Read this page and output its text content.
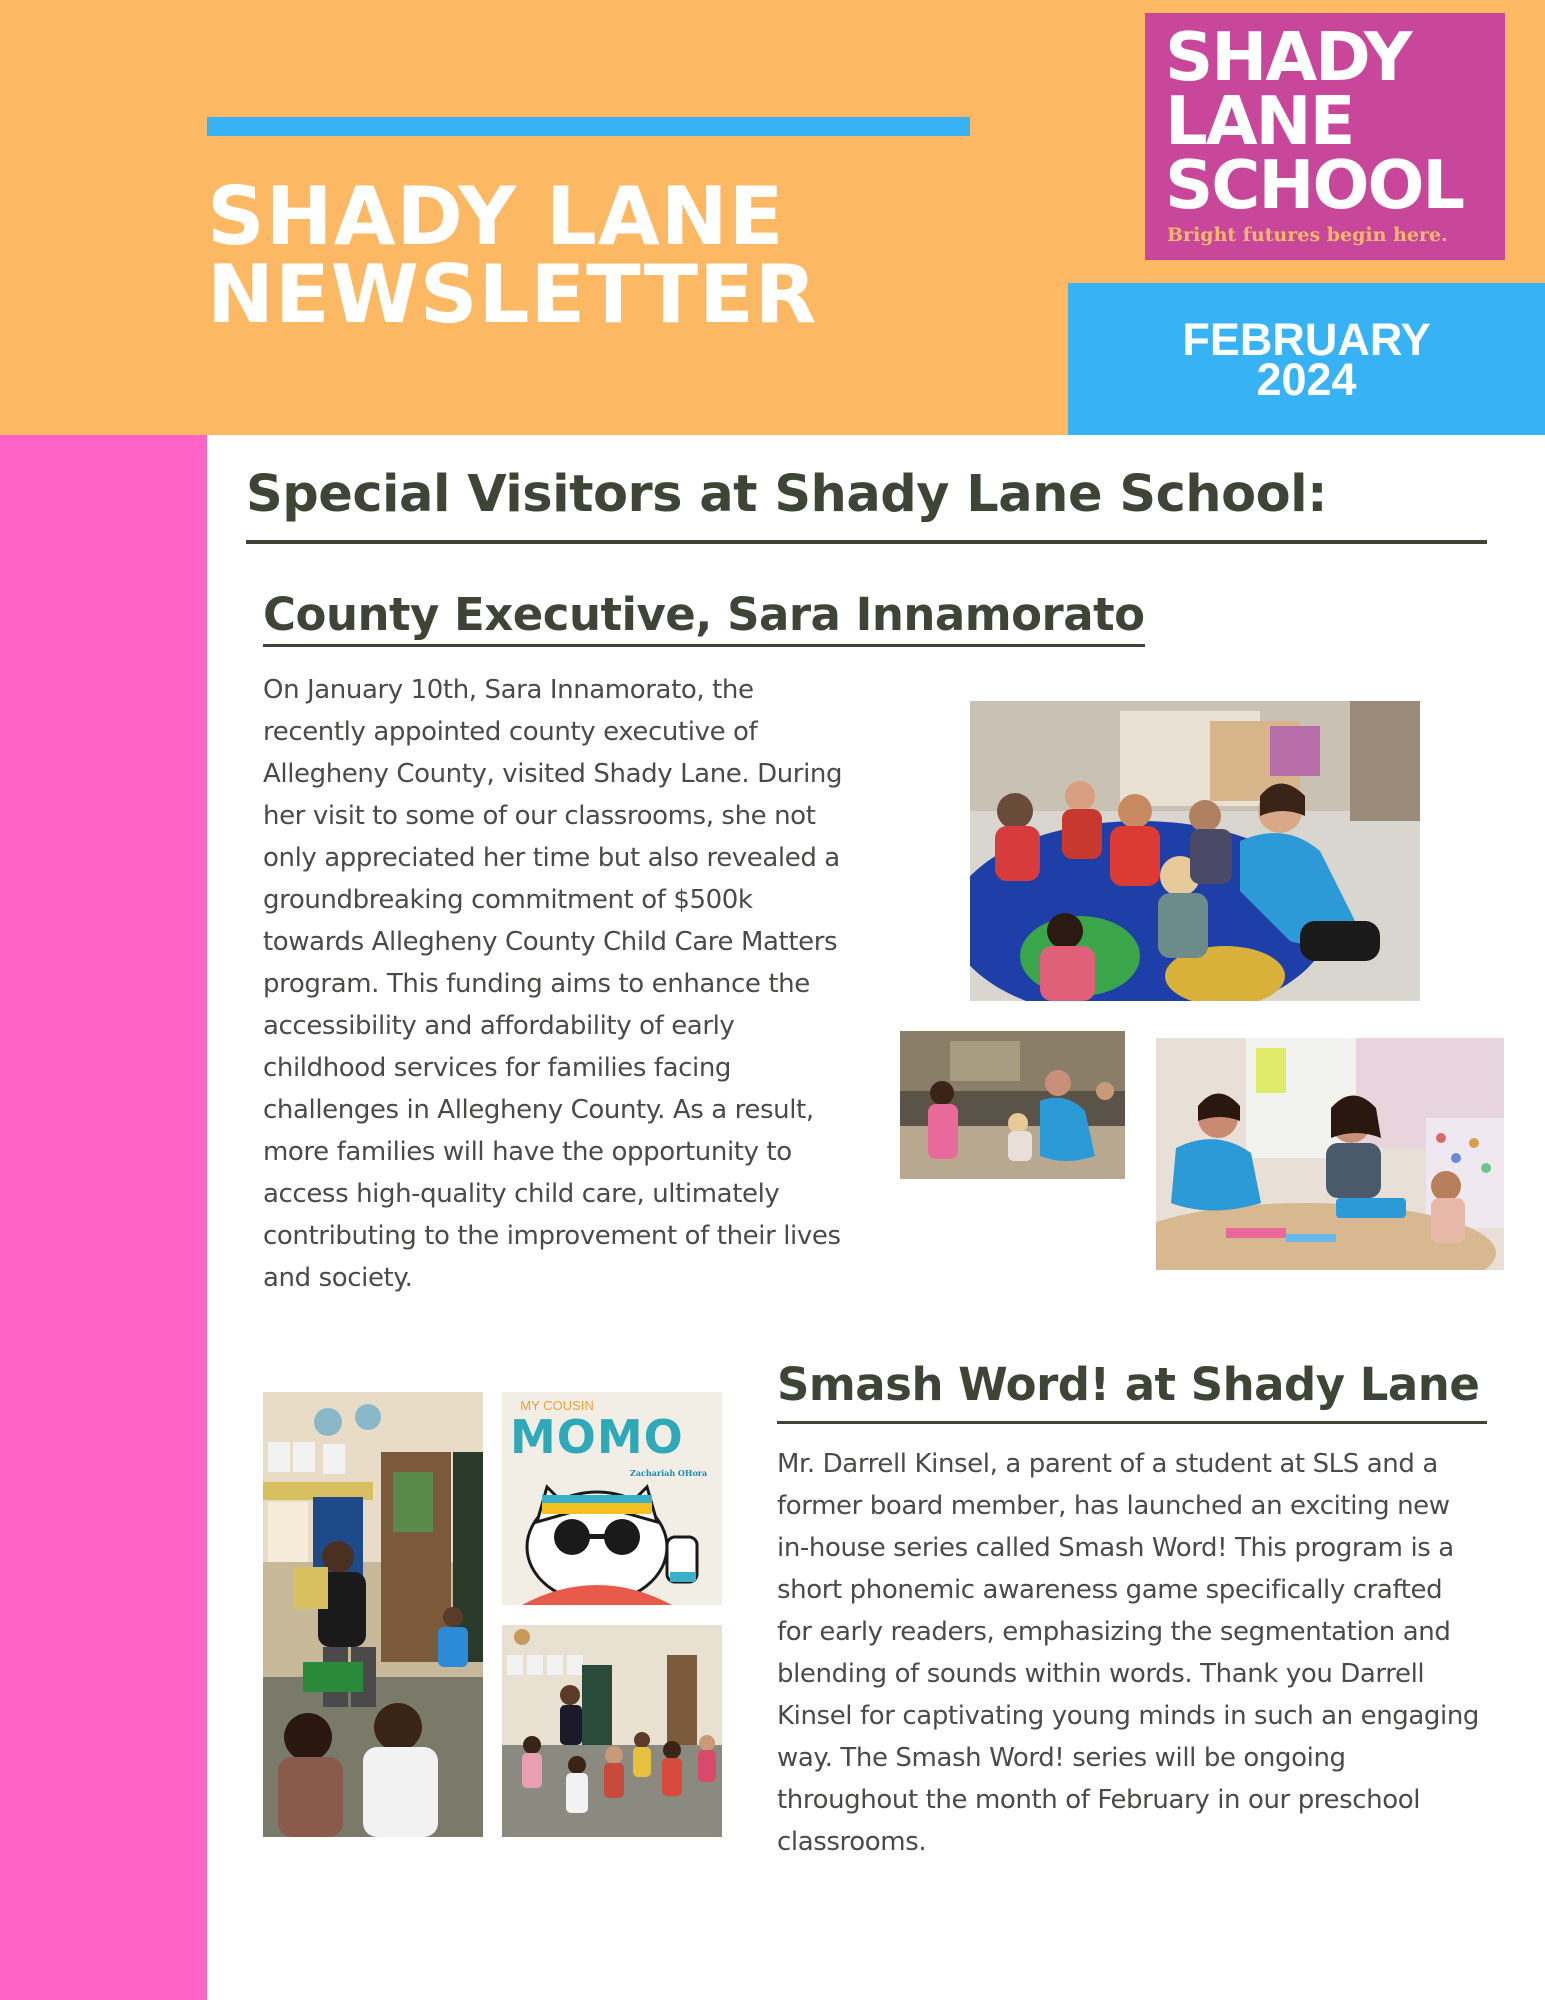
SHADY LANE
NEWSLETTER
SHADY
LANE
SCHOOL
Bright futures begin here.
FEBRUARY
2024
Special Visitors at Shady Lane School:
County Executive, Sara Innamorato
On January 10th, Sara Innamorato, the
recently appointed county executive of
Allegheny County, visited Shady Lane. During
her visit to some of our classrooms, she not
only appreciated her time but also revealed a
groundbreaking commitment of $500k
towards Allegheny County Child Care Matters
program. This funding aims to enhance the
accessibility and affordability of early
childhood services for families facing
challenges in Allegheny County. As a result,
more families will have the opportunity to
access high-quality child care, ultimately
contributing to the improvement of their lives
and society.
MY COUSIN
MOMO
Zachariah OHora
Smash Word! at Shady Lane
Mr. Darrell Kinsel, a parent of a student at SLS and a
former board member, has launched an exciting new
in-house series called Smash Word! This program is a
short phonemic awareness game specifically crafted
for early readers, emphasizing the segmentation and
blending of sounds within words. Thank you Darrell
Kinsel for captivating young minds in such an engaging
way. The Smash Word! series will be ongoing
throughout the month of February in our preschool
classrooms.
